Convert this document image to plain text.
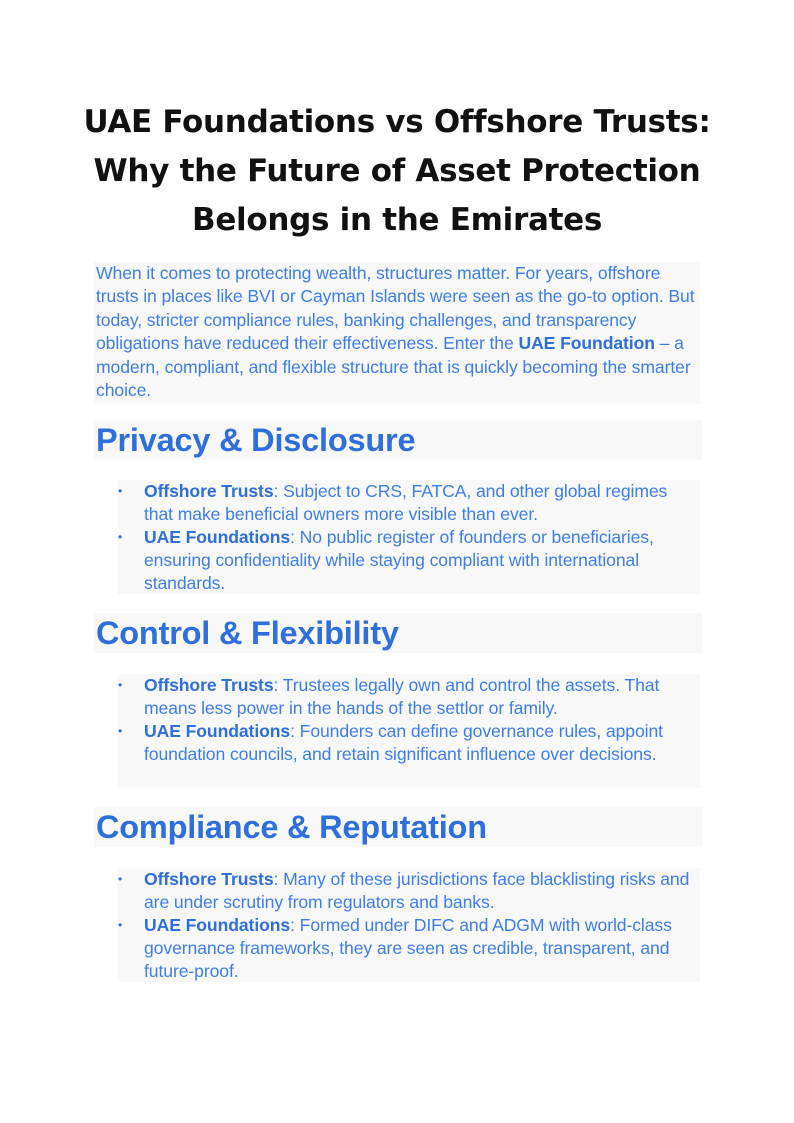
UAE Foundations vs Offshore Trusts:
Why the Future of Asset Protection
Belongs in the Emirates

When it comes to protecting wealth, structures matter. For years, offshore trusts in places like BVI or Cayman Islands were seen as the go-to option. But today, stricter compliance rules, banking challenges, and transparency obligations have reduced their effectiveness. Enter the UAE Foundation – a modern, compliant, and flexible structure that is quickly becoming the smarter choice.

Privacy & Disclosure
• Offshore Trusts: Subject to CRS, FATCA, and other global regimes that make beneficial owners more visible than ever.
• UAE Foundations: No public register of founders or beneficiaries, ensuring confidentiality while staying compliant with international standards.
Control & Flexibility
• Offshore Trusts: Trustees legally own and control the assets. That means less power in the hands of the settlor or family.
• UAE Foundations: Founders can define governance rules, appoint foundation councils, and retain significant influence over decisions.
Compliance & Reputation
• Offshore Trusts: Many of these jurisdictions face blacklisting risks and are under scrutiny from regulators and banks.
• UAE Foundations: Formed under DIFC and ADGM with world-class governance frameworks, they are seen as credible, transparent, and future-proof.
